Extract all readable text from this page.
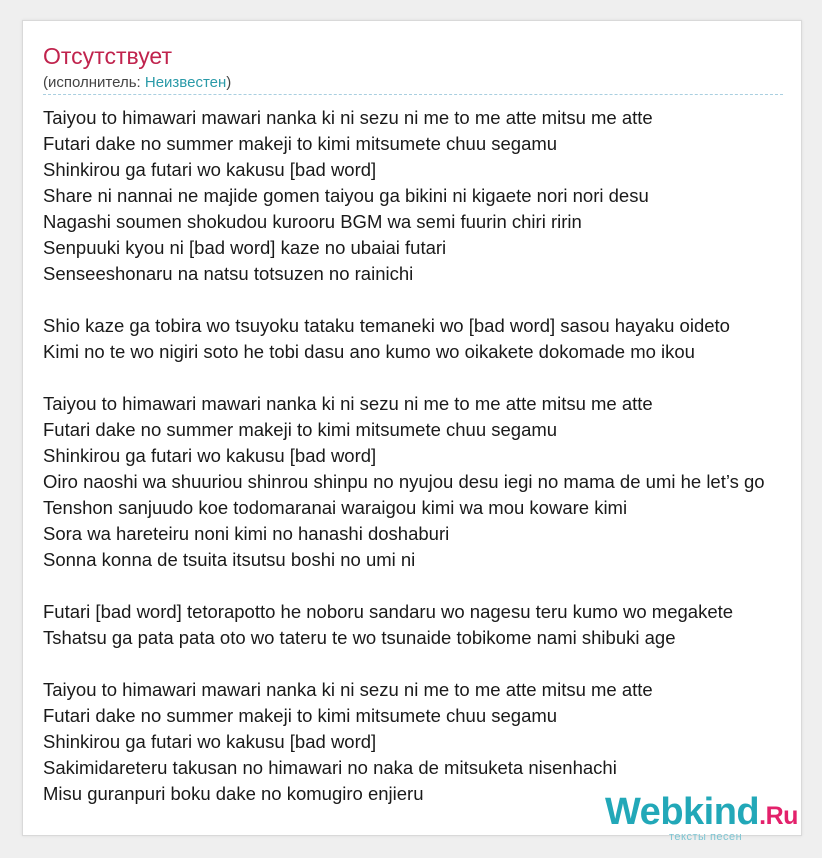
Отсутствует
(исполнитель: Неизвестен)
Taiyou to himawari mawari nanka ki ni sezu ni me to me atte mitsu me atte
Futari dake no summer makeji to kimi mitsumete chuu segamu
Shinkirou ga futari wo kakusu [bad word]
Share ni nannai ne majide gomen taiyou ga bikini ni kigaete nori nori desu
Nagashi soumen shokudou kurooru BGM wa semi fuurin chiri ririn
Senpuuki kyou ni [bad word] kaze no ubaiai futari
Senseeshonaru na natsu totsuzen no rainichi
Shio kaze ga tobira wo tsuyoku tataku temaneki wo [bad word] sasou hayaku oideto
Kimi no te wo nigiri soto he tobi dasu ano kumo wo oikakete dokomade mo ikou
Taiyou to himawari mawari nanka ki ni sezu ni me to me atte mitsu me atte
Futari dake no summer makeji to kimi mitsumete chuu segamu
Shinkirou ga futari wo kakusu [bad word]
Oiro naoshi wa shuuriou shinrou shinpu no nyujou desu iegi no mama de umi he let’s go
Tenshon sanjuudo koe todomaranai waraigou kimi wa mou koware kimi
Sora wa hareteiru noni kimi no hanashi doshaburi
Sonna konna de tsuita itsutsu boshi no umi ni
Futari [bad word] tetorapotto he noboru sandaru wo nagesu teru kumo wo megakete
Tshatsu ga pata pata oto wo tateru te wo tsunaide tobikome nami shibuki age
Taiyou to himawari mawari nanka ki ni sezu ni me to me atte mitsu me atte
Futari dake no summer makeji to kimi mitsumete chuu segamu
Shinkirou ga futari wo kakusu [bad word]
Sakimidareteru takusan no himawari no naka de mitsuketa nisenhachi
Misu guranpuri boku dake no komugiro enjieru	Webkind.Ru
тексты песен
